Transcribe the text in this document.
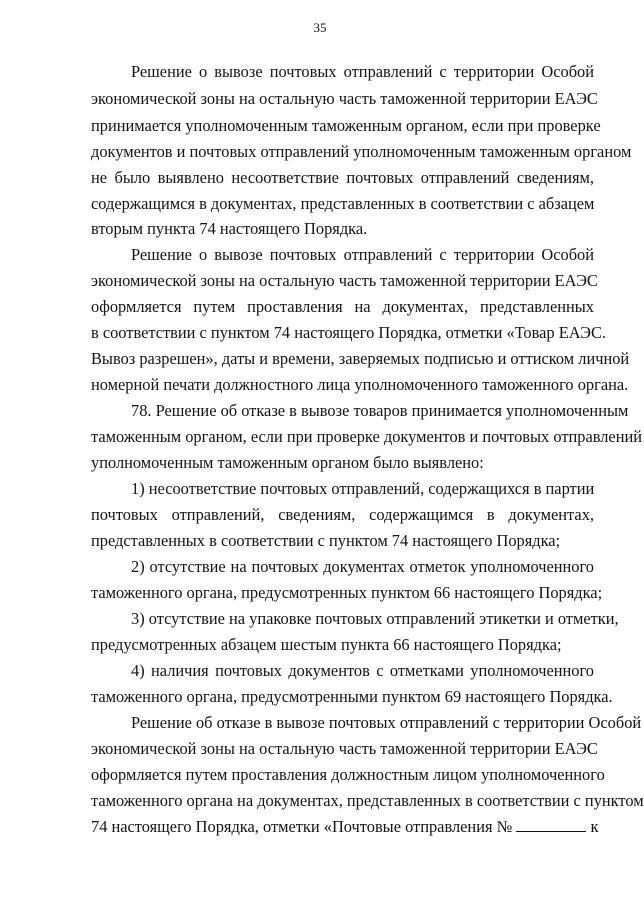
35
Решение о вывозе почтовых отправлений с территории Особой
экономической зоны на остальную часть таможенной территории ЕАЭС
принимается уполномоченным таможенным органом, если при проверке
документов и почтовых отправлений уполномоченным таможенным органом
не было выявлено несоответствие почтовых отправлений сведениям,
содержащимся в документах, представленных в соответствии с абзацем
вторым пункта 74 настоящего Порядка.
Решение о вывозе почтовых отправлений с территории Особой
экономической зоны на остальную часть таможенной территории ЕАЭС
оформляется путем проставления на документах, представленных
в соответствии с пунктом 74 настоящего Порядка, отметки «Товар ЕАЭС.
Вывоз разрешен», даты и времени, заверяемых подписью и оттиском личной
номерной печати должностного лица уполномоченного таможенного органа.
78. Решение об отказе в вывозе товаров принимается уполномоченным
таможенным органом, если при проверке документов и почтовых отправлений
уполномоченным таможенным органом было выявлено:
1) несоответствие почтовых отправлений, содержащихся в партии
почтовых отправлений, сведениям, содержащимся в документах,
представленных в соответствии с пунктом 74 настоящего Порядка;
2) отсутствие на почтовых документах отметок уполномоченного
таможенного органа, предусмотренных пунктом 66 настоящего Порядка;
3) отсутствие на упаковке почтовых отправлений этикетки и отметки,
предусмотренных абзацем шестым пункта 66 настоящего Порядка;
4) наличия почтовых документов с отметками уполномоченного
таможенного органа, предусмотренными пунктом 69 настоящего Порядка.
Решение об отказе в вывозе почтовых отправлений с территории Особой
экономической зоны на остальную часть таможенной территории ЕАЭС
оформляется путем проставления должностным лицом уполномоченного
таможенного органа на документах, представленных в соответствии с пунктом
74 настоящего Порядка, отметки «Почтовые отправления №	к
